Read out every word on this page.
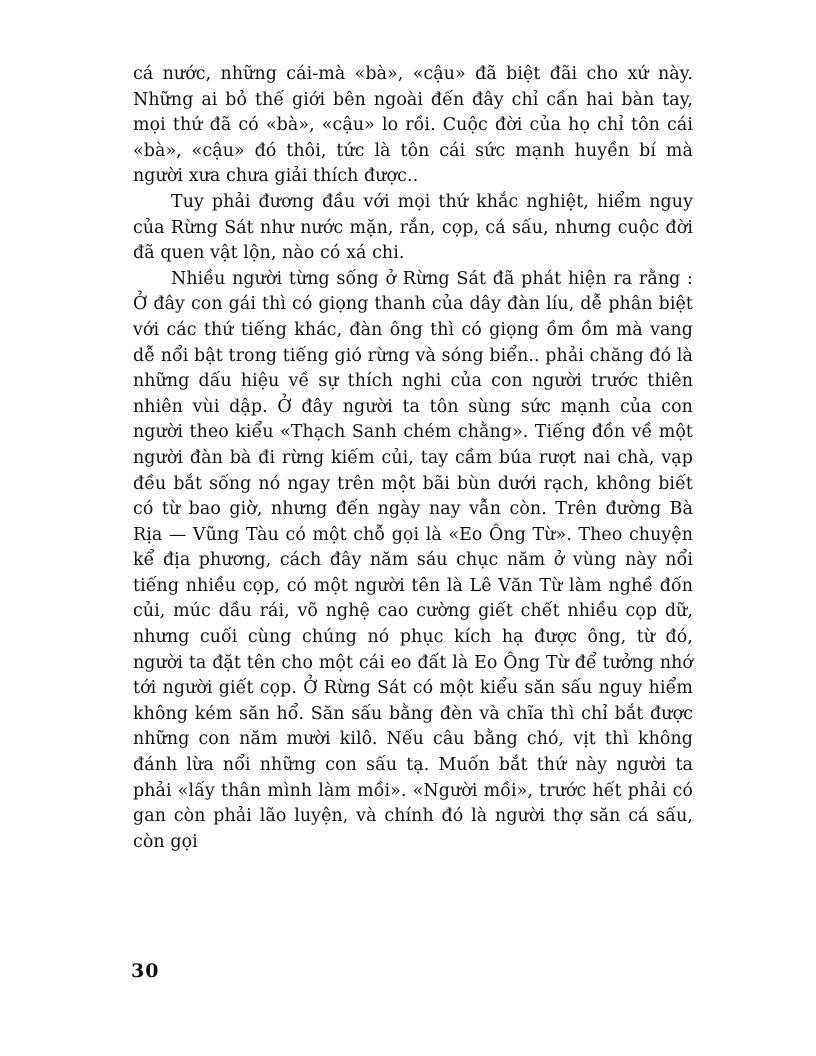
cá nước, những cái-mà «bà», «cậu» đã biệt đãi cho xứ này. Những ai bỏ thế giới bên ngoài đến đây chỉ cần hai bàn tay, mọi thứ đã có «bà», «cậu» lo rồi. Cuộc đời của họ chỉ tôn cái «bà», «cậu» đó thôi, tức là tôn cái sức mạnh huyền bí mà người xưa chưa giải thích được..

Tuy phải đương đầu với mọi thứ khắc nghiệt, hiểm nguy của Rừng Sát như nước mặn, rắn, cọp, cá sấu, nhưng cuộc đời đã quen vật lộn, nào có xá chi.

Nhiều người từng sống ở Rừng Sát đã phát hiện ra rằng : Ở đây con gái thì có giọng thanh của dây đàn líu, dễ phân biệt với các thứ tiếng khác, đàn ông thì có giọng ồm ồm mà vang dễ nổi bật trong tiếng gió rừng và sóng biển.. phải chăng đó là những dấu hiệu về sự thích nghi của con người trước thiên nhiên vùi dập. Ở đây người ta tôn sùng sức mạnh của con người theo kiểu «Thạch Sanh chém chằng». Tiếng đồn về một người đàn bà đi rừng kiếm củi, tay cầm búa rượt nai chà, vạp đều bắt sống nó ngay trên một bãi bùn dưới rạch, không biết có từ bao giờ, nhưng đến ngày nay vẫn còn. Trên đường Bà Rịa — Vũng Tàu có một chỗ gọi là «Eo Ông Từ». Theo chuyện kể địa phương, cách đây năm sáu chục năm ở vùng này nổi tiếng nhiều cọp, có một người tên là Lê Văn Từ làm nghề đốn củi, múc dầu rái, võ nghệ cao cường giết chết nhiều cọp dữ, nhưng cuối cùng chúng nó phục kích hạ được ông, từ đó, người ta đặt tên cho một cái eo đất là Eo Ông Từ để tưởng nhớ tới người giết cọp. Ở Rừng Sát có một kiểu săn sấu nguy hiểm không kém săn hổ. Săn sấu bằng đèn và chĩa thì chỉ bắt được những con năm mười kilô. Nếu câu bằng chó, vịt thì không đánh lừa nổi những con sấu tạ. Muốn bắt thứ này người ta phải «lấy thân mình làm mồi». «Người mồi», trước hết phải có gan còn phải lão luyện, và chính đó là người thợ săn cá sấu, còn gọi

30
